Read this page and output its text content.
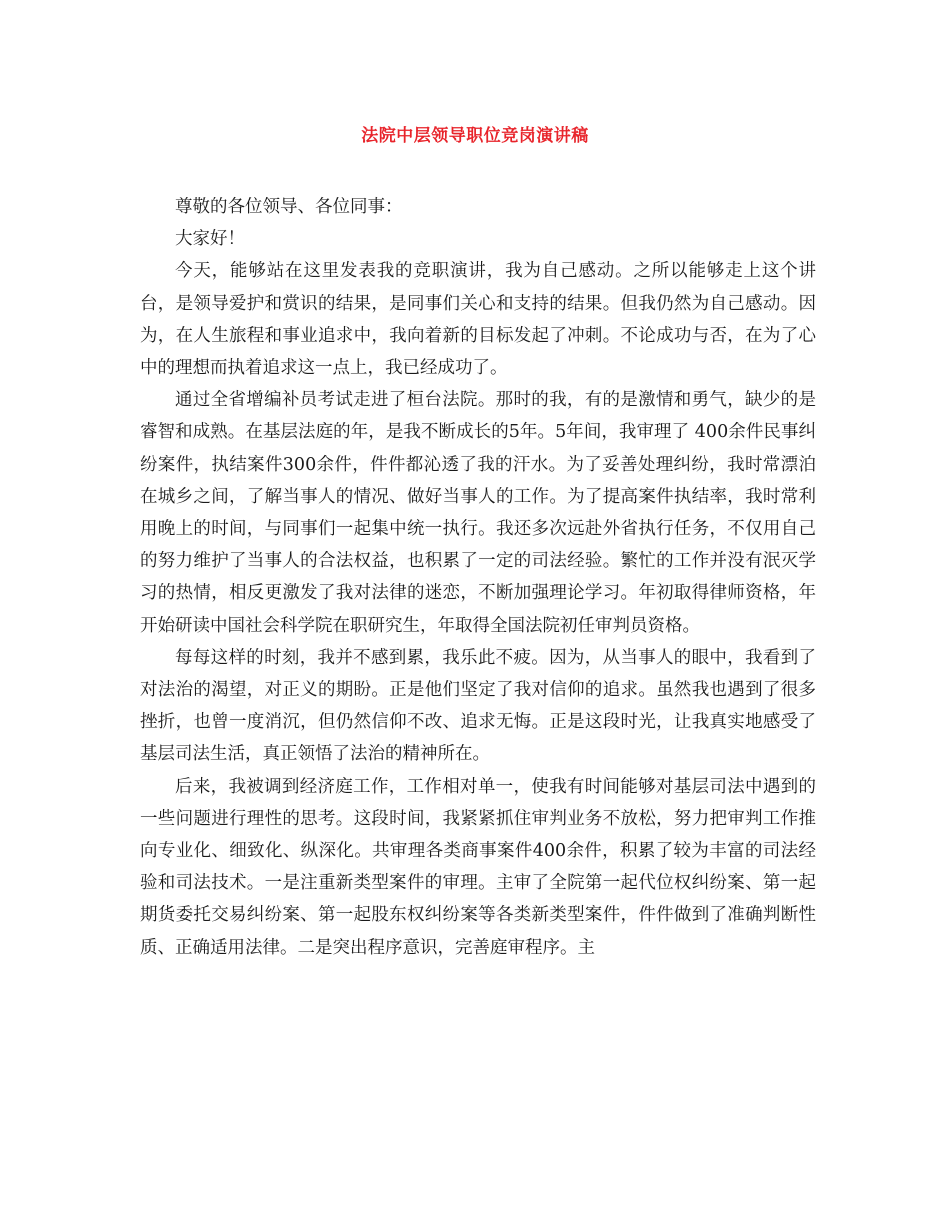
法院中层领导职位竞岗演讲稿

尊敬的各位领导、各位同事：

大家好！

今天，能够站在这里发表我的竞职演讲，我为自己感动。之所以能够走上这个讲台，是领导爱护和赏识的结果，是同事们关心和支持的结果。但我仍然为自己感动。因为，在人生旅程和事业追求中，我向着新的目标发起了冲刺。不论成功与否，在为了心中的理想而执着追求这一点上，我已经成功了。

通过全省增编补员考试走进了桓台法院。那时的我，有的是激情和勇气，缺少的是睿智和成熟。在基层法庭的年，是我不断成长的5年。5年间，我审理了 400余件民事纠纷案件，执结案件300余件，件件都沁透了我的汗水。为了妥善处理纠纷，我时常漂泊在城乡之间，了解当事人的情况、做好当事人的工作。为了提高案件执结率，我时常利用晚上的时间，与同事们一起集中统一执行。我还多次远赴外省执行任务，不仅用自己的努力维护了当事人的合法权益，也积累了一定的司法经验。繁忙的工作并没有泯灭学习的热情，相反更激发了我对法律的迷恋，不断加强理论学习。年初取得律师资格，年开始研读中国社会科学院在职研究生，年取得全国法院初任审判员资格。

每每这样的时刻，我并不感到累，我乐此不疲。因为，从当事人的眼中，我看到了对法治的渴望，对正义的期盼。正是他们坚定了我对信仰的追求。虽然我也遇到了很多挫折，也曾一度消沉，但仍然信仰不改、追求无悔。正是这段时光，让我真实地感受了基层司法生活，真正领悟了法治的精神所在。

后来，我被调到经济庭工作，工作相对单一，使我有时间能够对基层司法中遇到的一些问题进行理性的思考。这段时间，我紧紧抓住审判业务不放松，努力把审判工作推向专业化、细致化、纵深化。共审理各类商事案件400余件，积累了较为丰富的司法经验和司法技术。一是注重新类型案件的审理。主审了全院第一起代位权纠纷案、第一起期货委托交易纠纷案、第一起股东权纠纷案等各类新类型案件，件件做到了准确判断性质、正确适用法律。二是突出程序意识，完善庭审程序。主
